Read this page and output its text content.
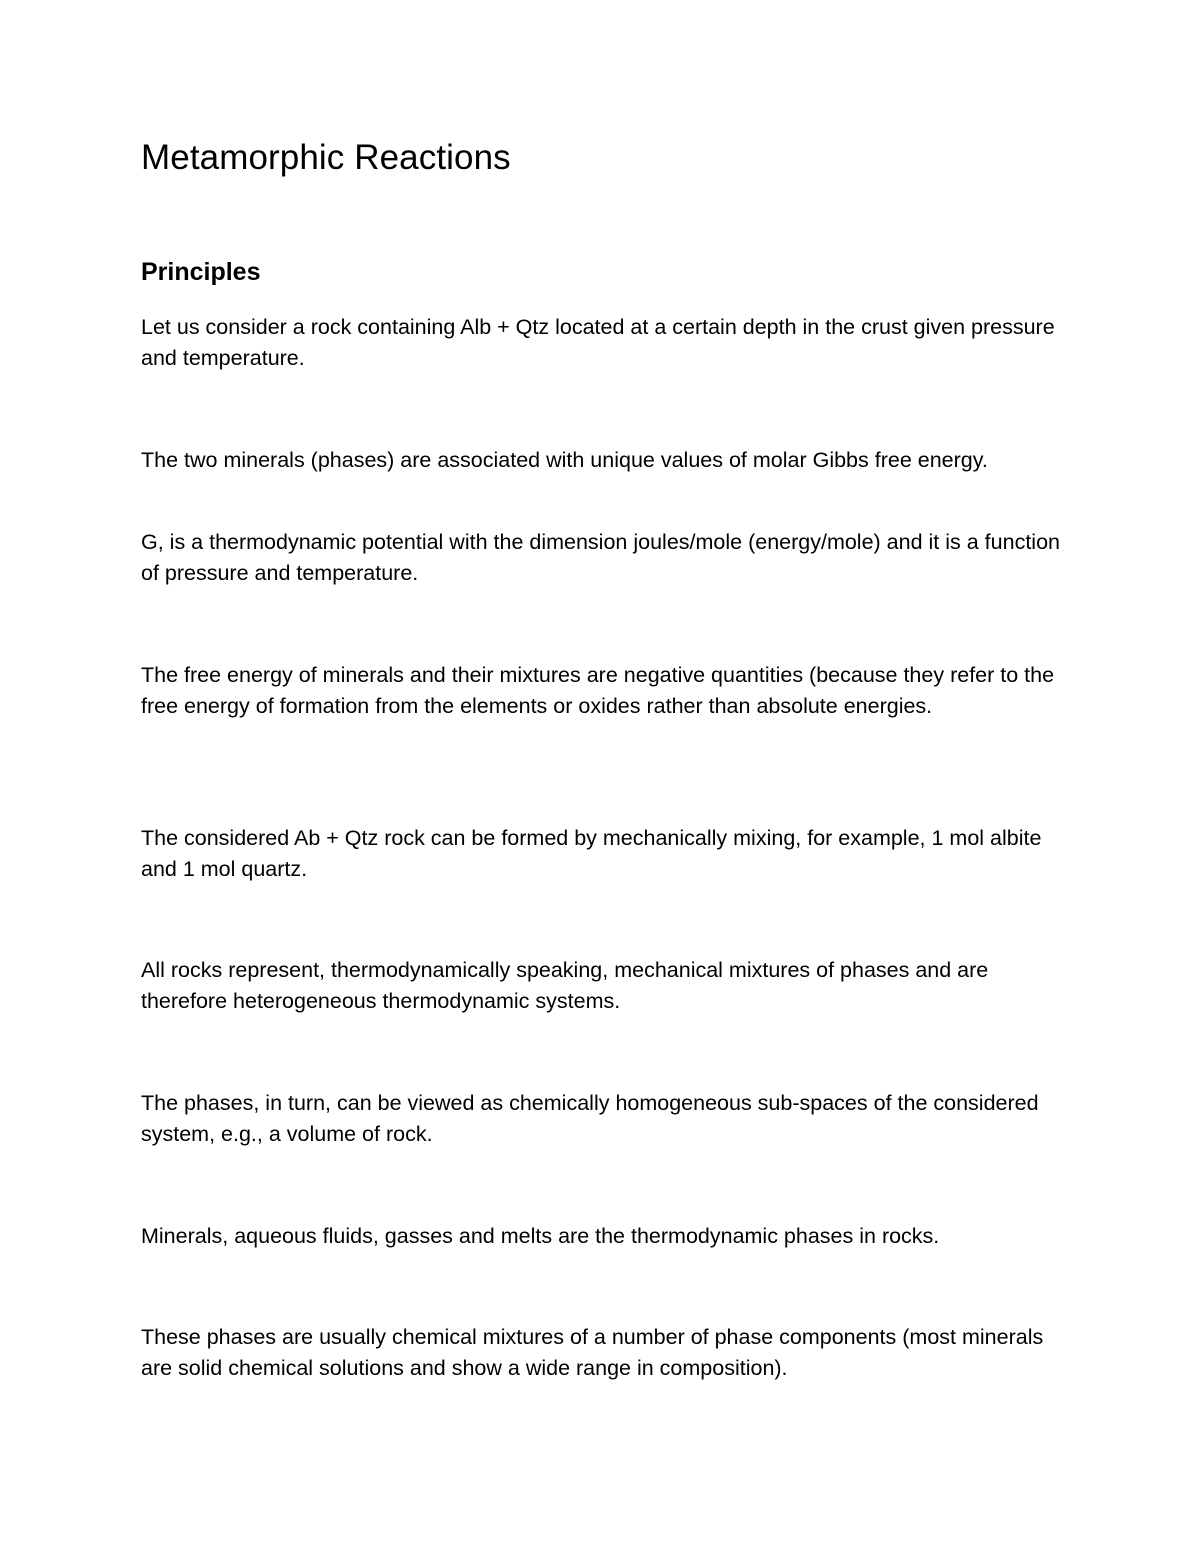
Metamorphic Reactions
Principles

Let us consider a rock containing Alb + Qtz located at a certain depth in the crust given pressure and temperature.

The two minerals (phases) are associated with unique values of molar Gibbs free energy.

G, is a thermodynamic potential with the dimension joules/mole (energy/mole) and it is a function of pressure and temperature.

The free energy of minerals and their mixtures are negative quantities (because they refer to the free energy of formation from the elements or oxides rather than absolute energies.

The considered Ab + Qtz rock can be formed by mechanically mixing, for example, 1 mol albite and 1 mol quartz.

All rocks represent, thermodynamically speaking, mechanical mixtures of phases and are therefore heterogeneous thermodynamic systems.

The phases, in turn, can be viewed as chemically homogeneous sub-spaces of the considered system, e.g., a volume of rock.

Minerals, aqueous fluids, gasses and melts are the thermodynamic phases in rocks.

These phases are usually chemical mixtures of a number of phase components (most minerals are solid chemical solutions and show a wide range in composition).
